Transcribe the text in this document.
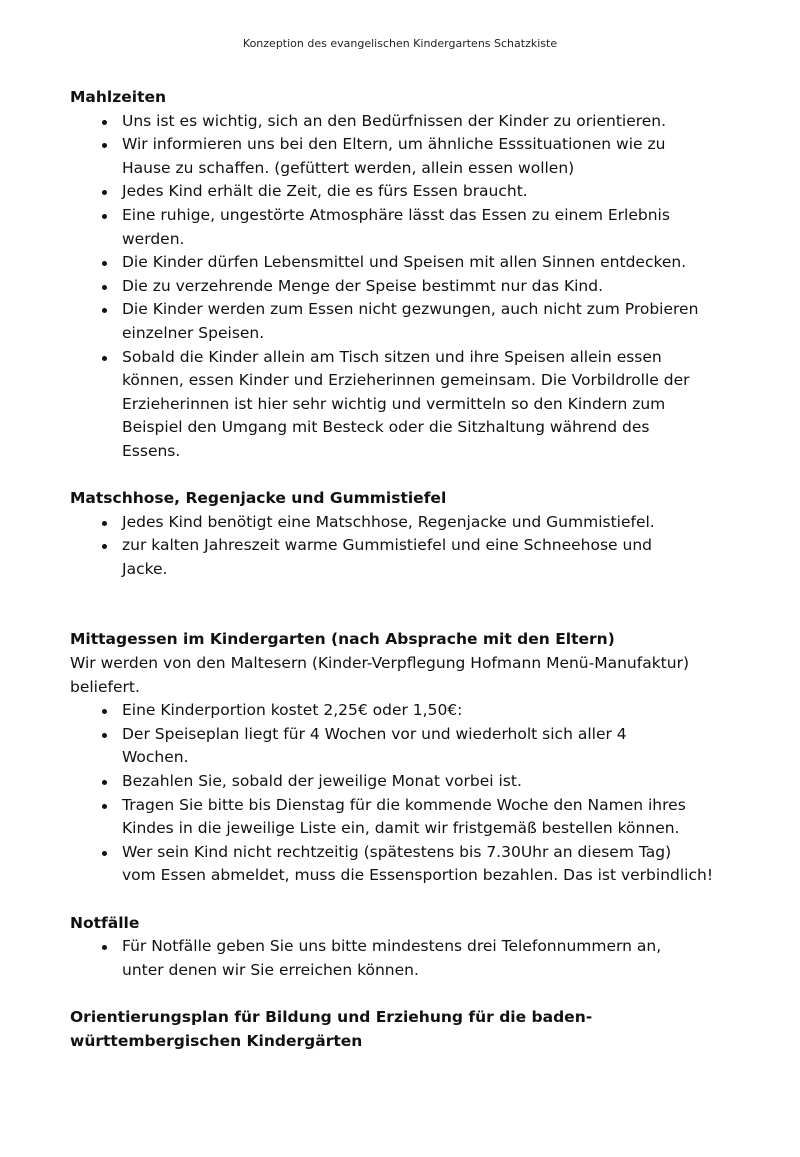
Konzeption des evangelischen Kindergartens Schatzkiste
Mahlzeiten
Uns ist es wichtig, sich an den Bedürfnissen der Kinder zu orientieren.
Wir informieren uns bei den Eltern, um ähnliche Esssituationen wie zu
Hause zu schaffen. (gefüttert werden, allein essen wollen)
Jedes Kind erhält die Zeit, die es fürs Essen braucht.
Eine ruhige, ungestörte Atmosphäre lässt das Essen zu einem Erlebnis
werden.
Die Kinder dürfen Lebensmittel und Speisen mit allen Sinnen entdecken.
Die zu verzehrende Menge der Speise bestimmt nur das Kind.
Die Kinder werden zum Essen nicht gezwungen, auch nicht zum Probieren
einzelner Speisen.
Sobald die Kinder allein am Tisch sitzen und ihre Speisen allein essen
können, essen Kinder und Erzieherinnen gemeinsam. Die Vorbildrolle der
Erzieherinnen ist hier sehr wichtig und vermitteln so den Kindern zum
Beispiel den Umgang mit Besteck oder die Sitzhaltung während des
Essens.
Matschhose, Regenjacke und Gummistiefel
Jedes Kind benötigt eine Matschhose, Regenjacke und Gummistiefel.
zur kalten Jahreszeit warme Gummistiefel und eine Schneehose und
Jacke.
Mittagessen im Kindergarten (nach Absprache mit den Eltern)
Wir werden von den Maltesern (Kinder-Verpflegung Hofmann Menü-Manufaktur)
beliefert.
Eine Kinderportion kostet 2,25€ oder 1,50€:
Der Speiseplan liegt für 4 Wochen vor und wiederholt sich aller 4
Wochen.
Bezahlen Sie, sobald der jeweilige Monat vorbei ist.
Tragen Sie bitte bis Dienstag für die kommende Woche den Namen ihres
Kindes in die jeweilige Liste ein, damit wir fristgemäß bestellen können.
Wer sein Kind nicht rechtzeitig (spätestens bis 7.30Uhr an diesem Tag)
vom Essen abmeldet, muss die Essensportion bezahlen. Das ist verbindlich!
Notfälle
Für Notfälle geben Sie uns bitte mindestens drei Telefonnummern an,
unter denen wir Sie erreichen können.
Orientierungsplan für Bildung und Erziehung für die baden-
württembergischen Kindergärten
